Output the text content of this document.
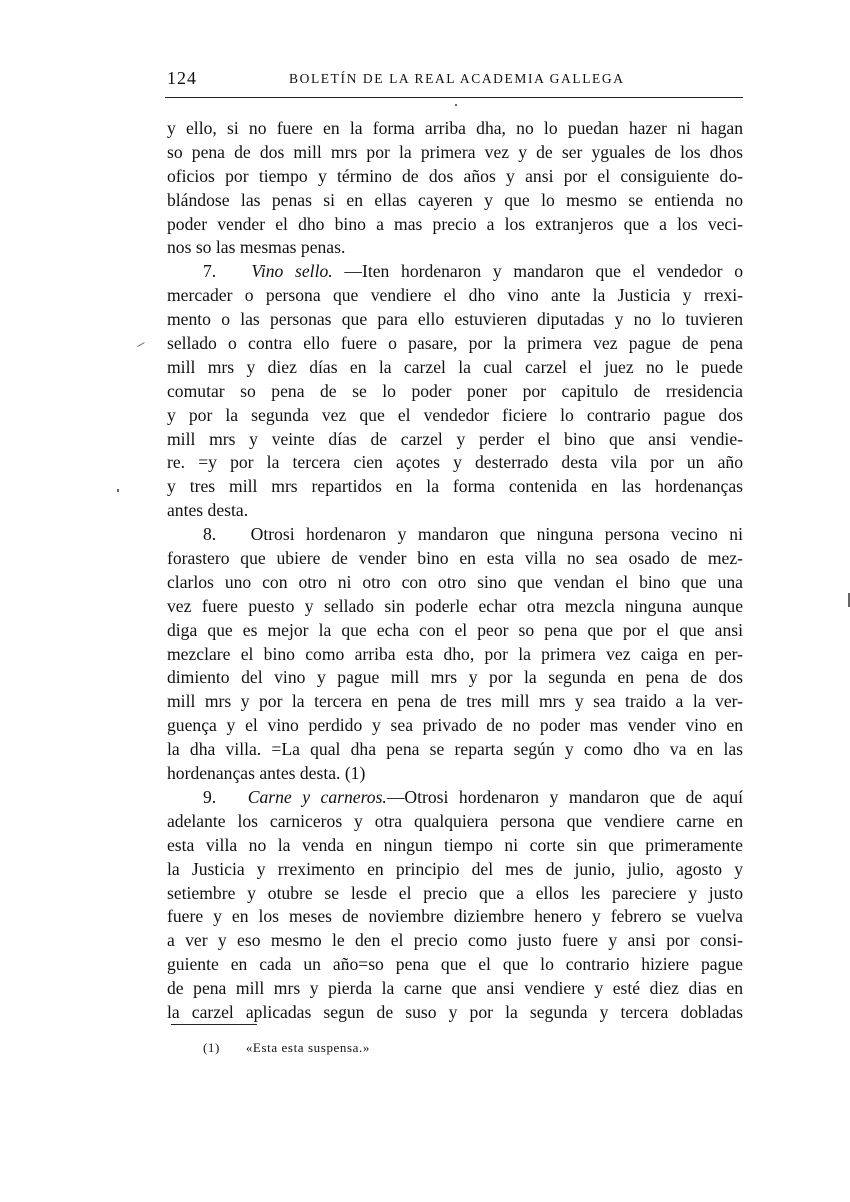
124	BOLETÍN DE LA REAL ACADEMIA GALLEGA
y ello, si no fuere en la forma arriba dha, no lo puedan hazer ni hagan
so pena de dos mill mrs por la primera vez y de ser yguales de los dhos
oficios por tiempo y término de dos años y ansi por el consiguiente do-
blándose las penas si en ellas cayeren y que lo mesmo se entienda no
poder vender el dho bino a mas precio a los extranjeros que a los veci-
nos so las mesmas penas.
7. Vino sello. —Iten hordenaron y mandaron que el vendedor o
mercader o persona que vendiere el dho vino ante la Justicia y rrexi-
mento o las personas que para ello estuvieren diputadas y no lo tuvieren
sellado o contra ello fuere o pasare, por la primera vez pague de pena
mill mrs y diez días en la carzel la cual carzel el juez no le puede
comutar so pena de se lo poder poner por capitulo de rresidencia
y por la segunda vez que el vendedor ficiere lo contrario pague dos
mill mrs y veinte días de carzel y perder el bino que ansi vendie-
re. =y por la tercera cien açotes y desterrado desta vila por un año
y tres mill mrs repartidos en la forma contenida en las hordenanças
antes desta.
8. Otrosi hordenaron y mandaron que ninguna persona vecino ni
forastero que ubiere de vender bino en esta villa no sea osado de mez-
clarlos uno con otro ni otro con otro sino que vendan el bino que una
vez fuere puesto y sellado sin poderle echar otra mezcla ninguna aunque
diga que es mejor la que echa con el peor so pena que por el que ansi
mezclare el bino como arriba esta dho, por la primera vez caiga en per-
dimiento del vino y pague mill mrs y por la segunda en pena de dos
mill mrs y por la tercera en pena de tres mill mrs y sea traido a la ver-
guença y el vino perdido y sea privado de no poder mas vender vino en
la dha villa. =La qual dha pena se reparta según y como dho va en las
hordenanças antes desta. (1)
9. Carne y carneros.—Otrosi hordenaron y mandaron que de aquí
adelante los carniceros y otra qualquiera persona que vendiere carne en
esta villa no la venda en ningun tiempo ni corte sin que primeramente
la Justicia y rreximento en principio del mes de junio, julio, agosto y
setiembre y otubre se lesde el precio que a ellos les pareciere y justo
fuere y en los meses de noviembre diziembre henero y febrero se vuelva
a ver y eso mesmo le den el precio como justo fuere y ansi por consi-
guiente en cada un año=so pena que el que lo contrario hiziere pague
de pena mill mrs y pierda la carne que ansi vendiere y esté diez dias en
la carzel aplicadas segun de suso y por la segunda y tercera dobladas
(1) «Esta esta suspensa.»
